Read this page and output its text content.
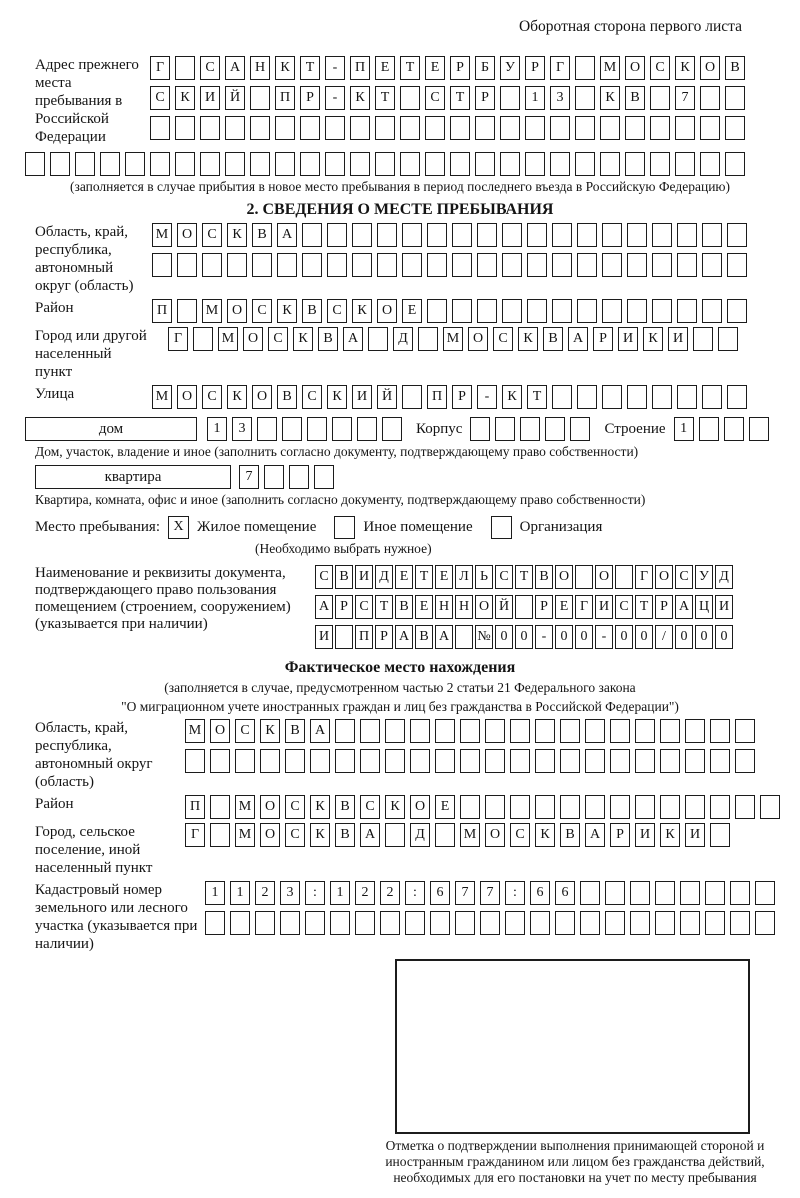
Оборотная сторона первого листа
Адрес прежнего места пребывания в Российской Федерации
Г	С	А	Н	К	Т	-	П	Е	Т	Е	Р	Б	У	Р	Г	М О	С	К	О	В
С	К	И	Й	П	Р	-	К	Т	С	Т	Р	1	3	К	В	7
(заполняется в случае прибытия в новое место пребывания в период последнего въезда в Российскую Федерацию)
2. СВЕДЕНИЯ О МЕСТЕ ПРЕБЫВАНИЯ
Область, край, республика, автономный округ (область)
М О	С	К	В	А
Район	П	М О	С	К	В	С	К	О	Е
Город или другой населенный пункт
Г	М О	С	К	В	А	Д	М О	С	К	В	А	Р	И	К	И
Улица	М О	С	К	О	В	С	К	И	Й	П	Р	-	К	Т
дом	1	3	Корпус	Строение	1
Дом, участок, владение и иное (заполнить согласно документу, подтверждающему право собственности)
квартира	7
Квартира, комната, офис и иное (заполнить согласно документу, подтверждающему право собственности)
Место пребывания: X Жилое помещение	Иное помещение	Организация
(Необходимо выбрать нужное)
Наименование и реквизиты документа, подтверждающего право пользования помещением (строением, сооружением) (указывается при наличии)
С В И Д Е Т Е Л Ь С Т В О О	Г О С У Д
А Р С Т В Е Н Н О Й	Р Е Г И С Т Р А Ц И
И П Р А В А № 0 0	-	0 0	-	0 0	/	0 0 0
Фактическое место нахождения
(заполняется в случае, предусмотренном частью 2 статьи 21 Федерального закона
"О миграционном учете иностранных граждан и лиц без гражданства в Российской Федерации")
Область, край, республика, автономный округ (область)
М О	С	К	В	А
Район	П	М О	С	К	В	С	К	О	Е
Город, сельское поселение, иной населенный пункт
Г	М О	С	К	В	А	Д	М О	С	К	В	А	Р	И	К	И
Кадастровый номер земельного или лесного участка (указывается при наличии)
1	1	2	3	:	1	2	2	:	6	7	7	:	6	6
Отметка о подтверждении выполнения принимающей стороной и иностранным гражданином или лицом без гражданства действий, необходимых для его постановки на учет по месту пребывания
